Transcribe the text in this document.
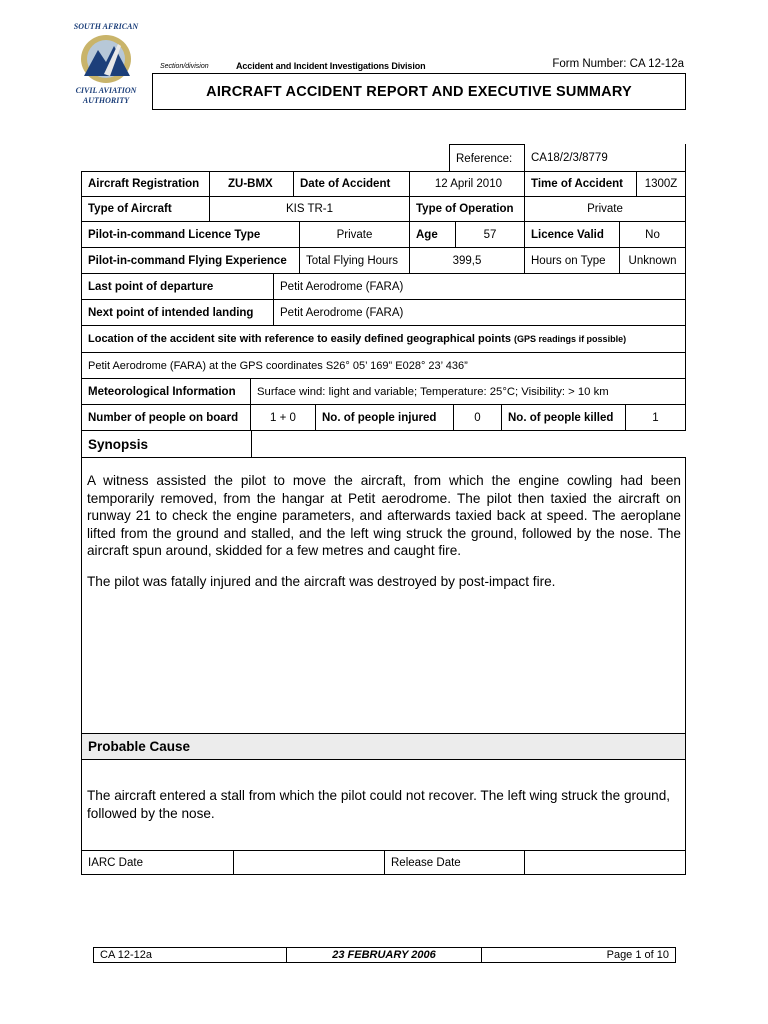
SOUTH AFRICAN
CIVIL AVIATION
AUTHORITY
Section/division	Accident and Incident Investigations Division	Form Number: CA 12-12a
AIRCRAFT ACCIDENT REPORT AND EXECUTIVE SUMMARY
Reference:	CA18/2/3/8779
Aircraft Registration	ZU-BMX	Date of Accident	12 April 2010	Time of Accident	1300Z
Type of Aircraft	KIS TR-1	Type of Operation	Private
Pilot-in-command Licence Type	Private	Age	57	Licence Valid	No
Pilot-in-command Flying Experience	Total Flying Hours	399,5	Hours on Type	Unknown
Last point of departure	Petit Aerodrome (FARA)
Next point of intended landing	Petit Aerodrome (FARA)
Location of the accident site with reference to easily defined geographical points
(GPS readings if possible)
Petit Aerodrome (FARA) at the GPS coordinates S26° 05’ 169” E028° 23’ 436”
Meteorological Information	Surface wind: light and variable; Temperature: 25°C; Visibility: > 10 km
Number of people on board	1 + 0	No. of people injured	0	No. of people killed	1
Synopsis
A witness assisted the pilot to move the aircraft, from which the engine cowling had been temporarily removed, from the hangar at Petit aerodrome. The pilot then taxied the aircraft on runway 21 to check the engine parameters, and afterwards taxied back at speed. The aeroplane lifted from the ground and stalled, and the left wing struck the ground, followed by the nose. The aircraft spun around, skidded for a few metres and caught fire.
The pilot was fatally injured and the aircraft was destroyed by post-impact fire.
Probable Cause
The aircraft entered a stall from which the pilot could not recover. The left wing struck the ground, followed by the nose.
IARC Date	Release Date
CA 12-12a	23 FEBRUARY 2006	Page 1 of 10
